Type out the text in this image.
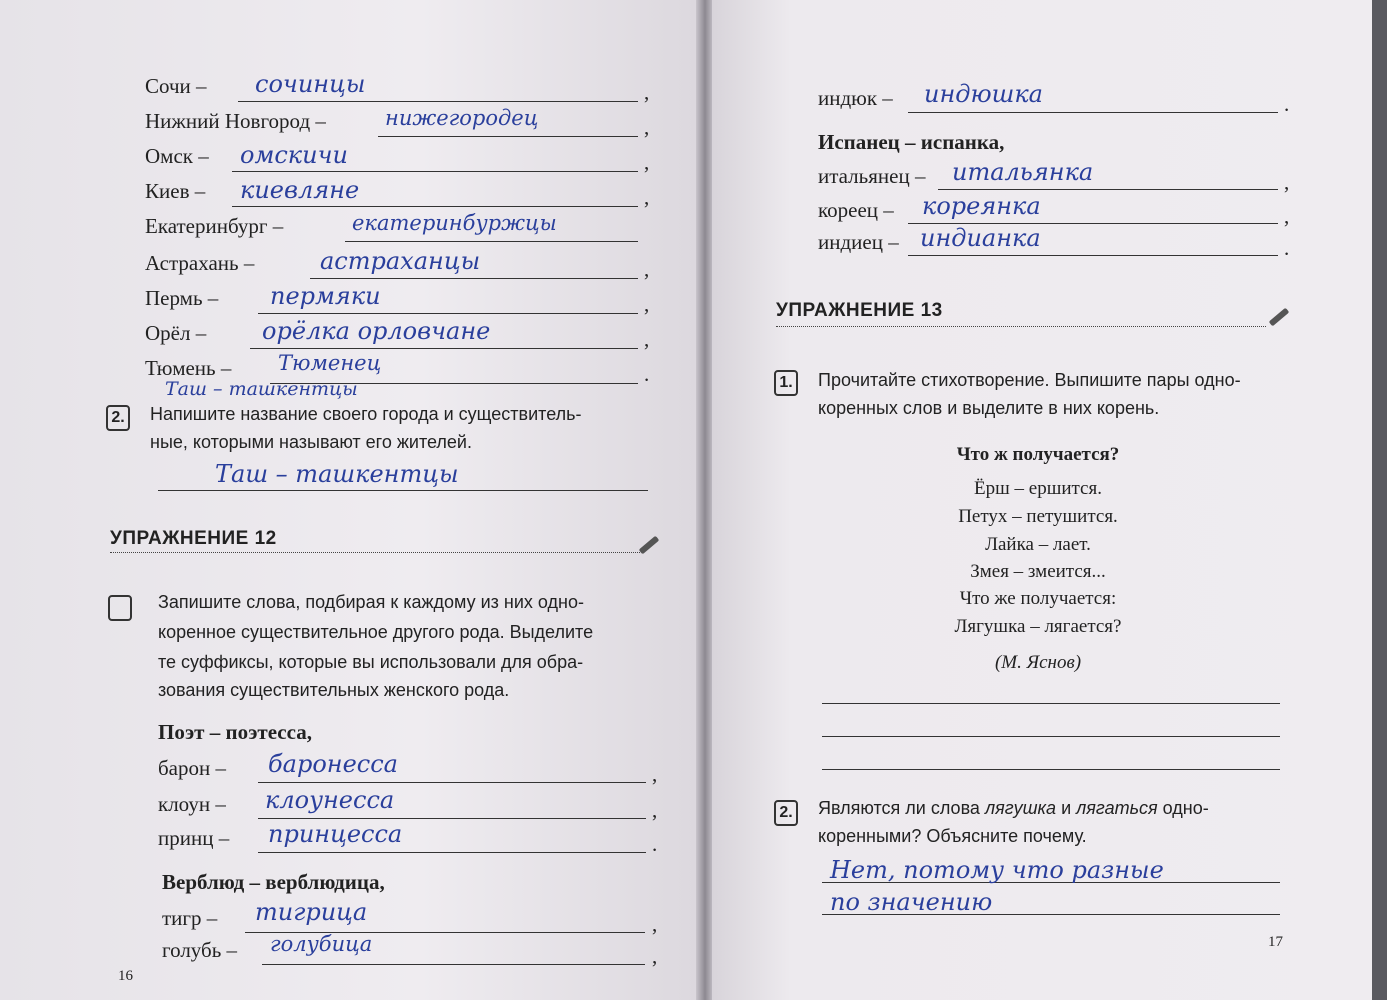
Сочи – сочинцы	,
Нижний Новгород –	нижегородец	,
Омск – омскичи	,
Киев – киевляне	,
Екатеринбург –	екатеринбуржцы
Астрахань –	астраханцы	,
Пермь – пермяки	,
Орёл – орёлка орловчане	,
Тюмень – Тюменец	.
Таш – ташкентцы
2. Напишите название своего города и существитель-
ные, которыми называют его жителей.
Таш – ташкентцы
УПРАЖНЕНИЕ 12
Запишите слова, подбирая к каждому из них одно-
коренное существительное другого рода. Выделите
те суффиксы, которые вы использовали для обра-
зования существительных женского рода.
Поэт – поэтесса,
барон – баронесса	,
клоун – клоунесса	,
принц – принцесса	.
Верблюд – верблюдица,
тигр – тигрица	,
голубь – голубица	,
16
индюк – индюшка	.
Испанец – испанка,
итальянец – итальянка	,
кореец – кореянка	,
индиец – индианка	.
УПРАЖНЕНИЕ 13
1. Прочитайте стихотворение. Выпишите пары одно-
коренных слов и выделите в них корень.
Что ж получается?
Ёрш – ершится.
Петух – петушится.
Лайка – лает.
Змея – змеится...
Что же получается:
Лягушка – лягается?
(М. Яснов)
2. Являются ли слова лягушка и лягаться одно-
коренными? Объясните почему.
Нет, потому что разные
по значению
17
